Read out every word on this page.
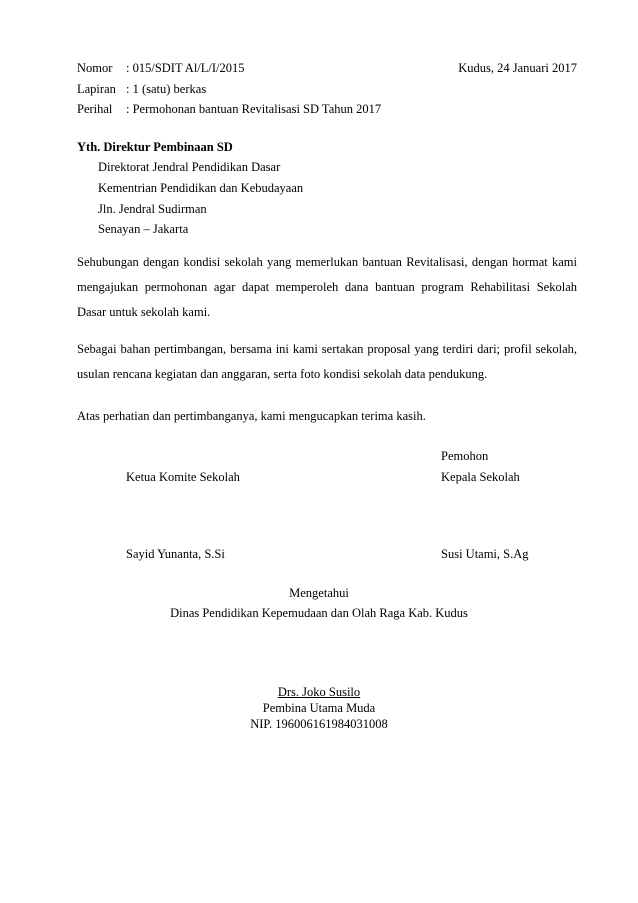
Nomor : 015/SDIT Al/L/I/2015	Kudus, 24 Januari 2017
Lapiran : 1 (satu) berkas
Perihal : Permohonan bantuan Revitalisasi SD Tahun 2017
Yth. Direktur Pembinaan SD
Direktorat Jendral Pendidikan Dasar
Kementrian Pendidikan dan Kebudayaan
Jln. Jendral Sudirman
Senayan – Jakarta
Sehubungan dengan kondisi sekolah yang memerlukan bantuan Revitalisasi, dengan hormat kami mengajukan permohonan agar dapat memperoleh dana bantuan program Rehabilitasi Sekolah Dasar untuk sekolah kami.
Sebagai bahan pertimbangan, bersama ini kami sertakan proposal yang terdiri dari; profil sekolah, usulan rencana kegiatan dan anggaran, serta foto kondisi sekolah data pendukung.
Atas perhatian dan pertimbanganya, kami mengucapkan terima kasih.
Pemohon
Ketua Komite Sekolah	Kepala Sekolah
Sayid Yunanta, S.Si	Susi Utami, S.Ag
Mengetahui
Dinas Pendidikan Kepemudaan dan Olah Raga Kab. Kudus
Drs. Joko Susilo
Pembina Utama Muda
NIP. 196006161984031008
